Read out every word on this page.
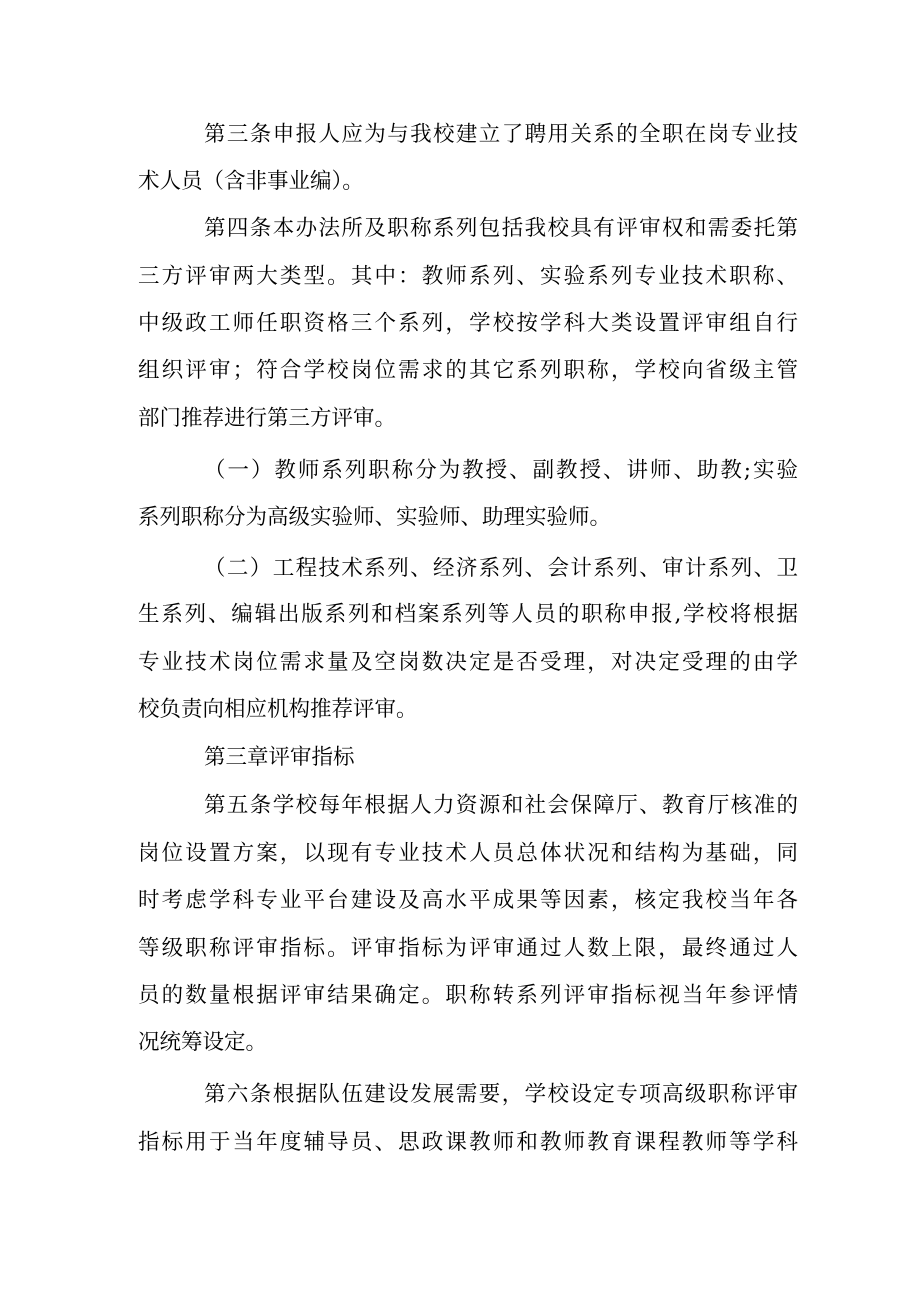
第三条申报人应为与我校建立了聘用关系的全职在岗专业技
术人员（含非事业编）。
第四条本办法所及职称系列包括我校具有评审权和需委托第
三方评审两大类型。其中：教师系列、实验系列专业技术职称、
中级政工师任职资格三个系列，学校按学科大类设置评审组自行
组织评审；符合学校岗位需求的其它系列职称，学校向省级主管
部门推荐进行第三方评审。
（一）教师系列职称分为教授、副教授、讲师、助教;实验
系列职称分为高级实验师、实验师、助理实验师。
（二）工程技术系列、经济系列、会计系列、审计系列、卫
生系列、编辑出版系列和档案系列等人员的职称申报,学校将根据
专业技术岗位需求量及空岗数决定是否受理，对决定受理的由学
校负责向相应机构推荐评审。
第三章评审指标
第五条学校每年根据人力资源和社会保障厅、教育厅核准的
岗位设置方案，以现有专业技术人员总体状况和结构为基础，同
时考虑学科专业平台建设及高水平成果等因素，核定我校当年各
等级职称评审指标。评审指标为评审通过人数上限，最终通过人
员的数量根据评审结果确定。职称转系列评审指标视当年参评情
况统筹设定。
第六条根据队伍建设发展需要，学校设定专项高级职称评审
指标用于当年度辅导员、思政课教师和教师教育课程教师等学科
